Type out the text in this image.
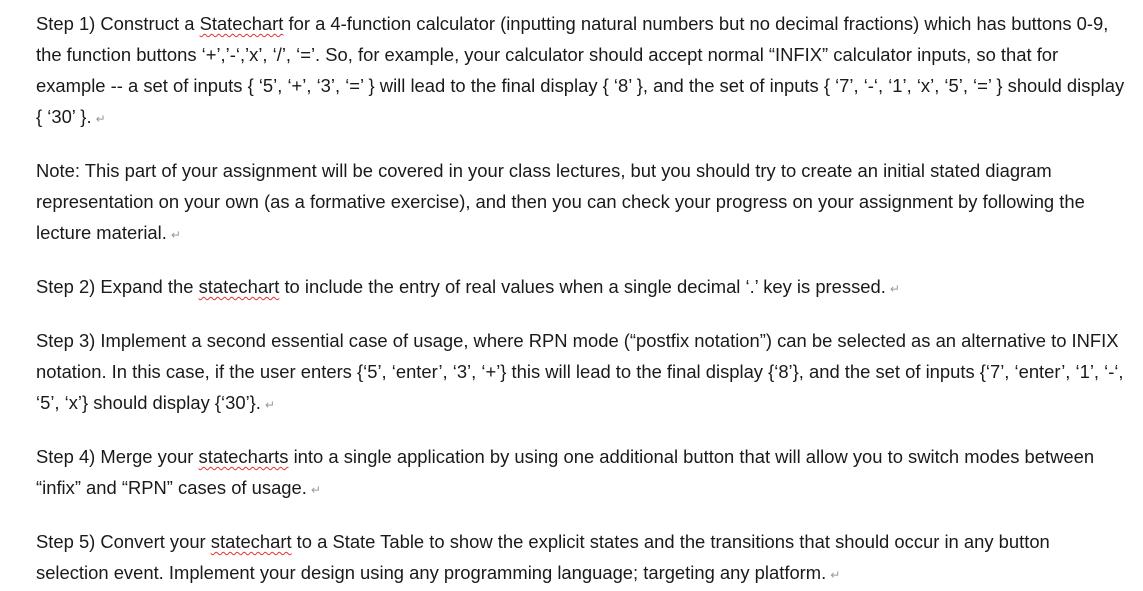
Step 1) Construct a Statechart for a 4-function calculator (inputting natural numbers but no decimal fractions) which has buttons 0-9, the function buttons ‘+’,’-‘,’x’, ‘/’, ‘=’. So, for example, your calculator should accept normal “INFIX” calculator inputs, so that for example -- a set of inputs { ‘5’, ‘+’, ‘3’, ‘=’ } will lead to the final display { ‘8’ }, and the set of inputs { ‘7’, ‘-‘, ‘1’, ‘x’, ‘5’, ‘=’ } should display { ‘30’ }. ↵

Note: This part of your assignment will be covered in your class lectures, but you should try to create an initial stated diagram representation on your own (as a formative exercise), and then you can check your progress on your assignment by following the lecture material. ↵

Step 2) Expand the statechart to include the entry of real values when a single decimal ‘.’ key is pressed. ↵

Step 3) Implement a second essential case of usage, where RPN mode (“postfix notation”) can be selected as an alternative to INFIX notation. In this case, if the user enters {‘5’, ‘enter’, ‘3’, ‘+’} this will lead to the final display {‘8’}, and the set of inputs {‘7’, ‘enter’, ‘1’, ‘-‘, ‘5’, ‘x’} should display {‘30’}. ↵

Step 4) Merge your statecharts into a single application by using one additional button that will allow you to switch modes between “infix” and “RPN” cases of usage. ↵

Step 5) Convert your statechart to a State Table to show the explicit states and the transitions that should occur in any button selection event. Implement your design using any programming language; targeting any platform. ↵
